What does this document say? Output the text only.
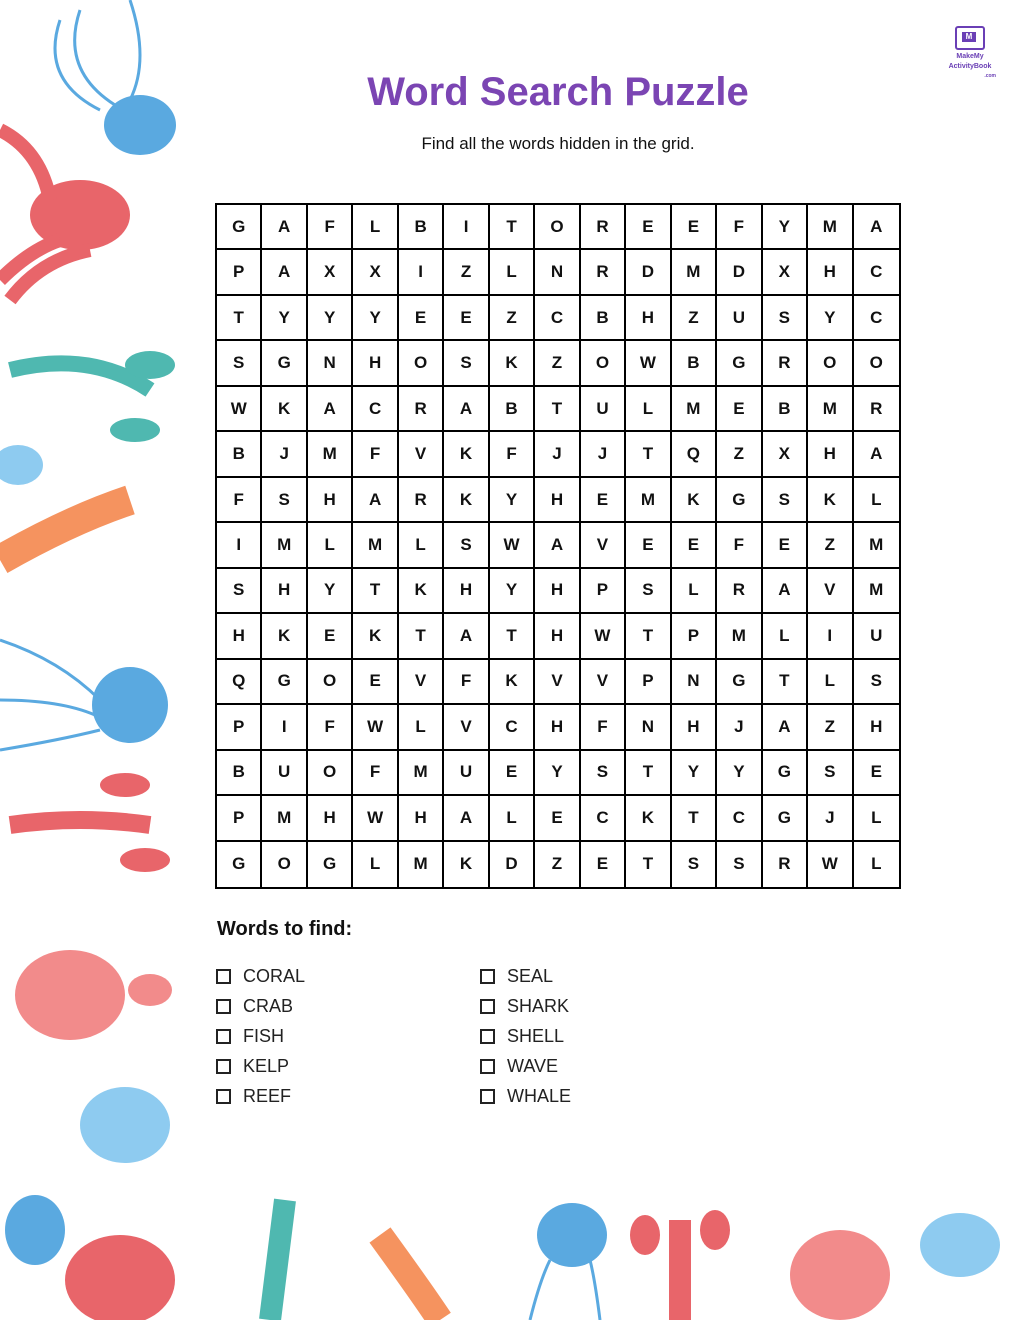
M
MakeMy
ActivityBook
.com
Word Search Puzzle
Find all the words hidden in the grid.
G	A	F	L	B	I	T	O	R	E	E	F	Y	M	A
P	A	X	X	I	Z	L	N	R	D	M	D	X	H	C
T	Y	Y	Y	E	E	Z	C	B	H	Z	U	S	Y	C
S	G	N	H	O	S	K	Z	O	W	B	G	R	O	O
W	K	A	C	R	A	B	T	U	L	M	E	B	M	R
B	J	M	F	V	K	F	J	J	T	Q	Z	X	H	A
F	S	H	A	R	K	Y	H	E	M	K	G	S	K	L
I	M	L	M	L	S	W	A	V	E	E	F	E	Z	M
S	H	Y	T	K	H	Y	H	P	S	L	R	A	V	M
H	K	E	K	T	A	T	H	W	T	P	M	L	I	U
Q	G	O	E	V	F	K	V	V	P	N	G	T	L	S
P	I	F	W	L	V	C	H	F	N	H	J	A	Z	H
B	U	O	F	M	U	E	Y	S	T	Y	Y	G	S	E
P	M	H	W	H	A	L	E	C	K	T	C	G	J	L
G	O	G	L	M	K	D	Z	E	T	S	S	R	W	L
Words to find:
CORAL
CRAB
FISH
KELP
REEF
SEAL
SHARK
SHELL
WAVE
WHALE
